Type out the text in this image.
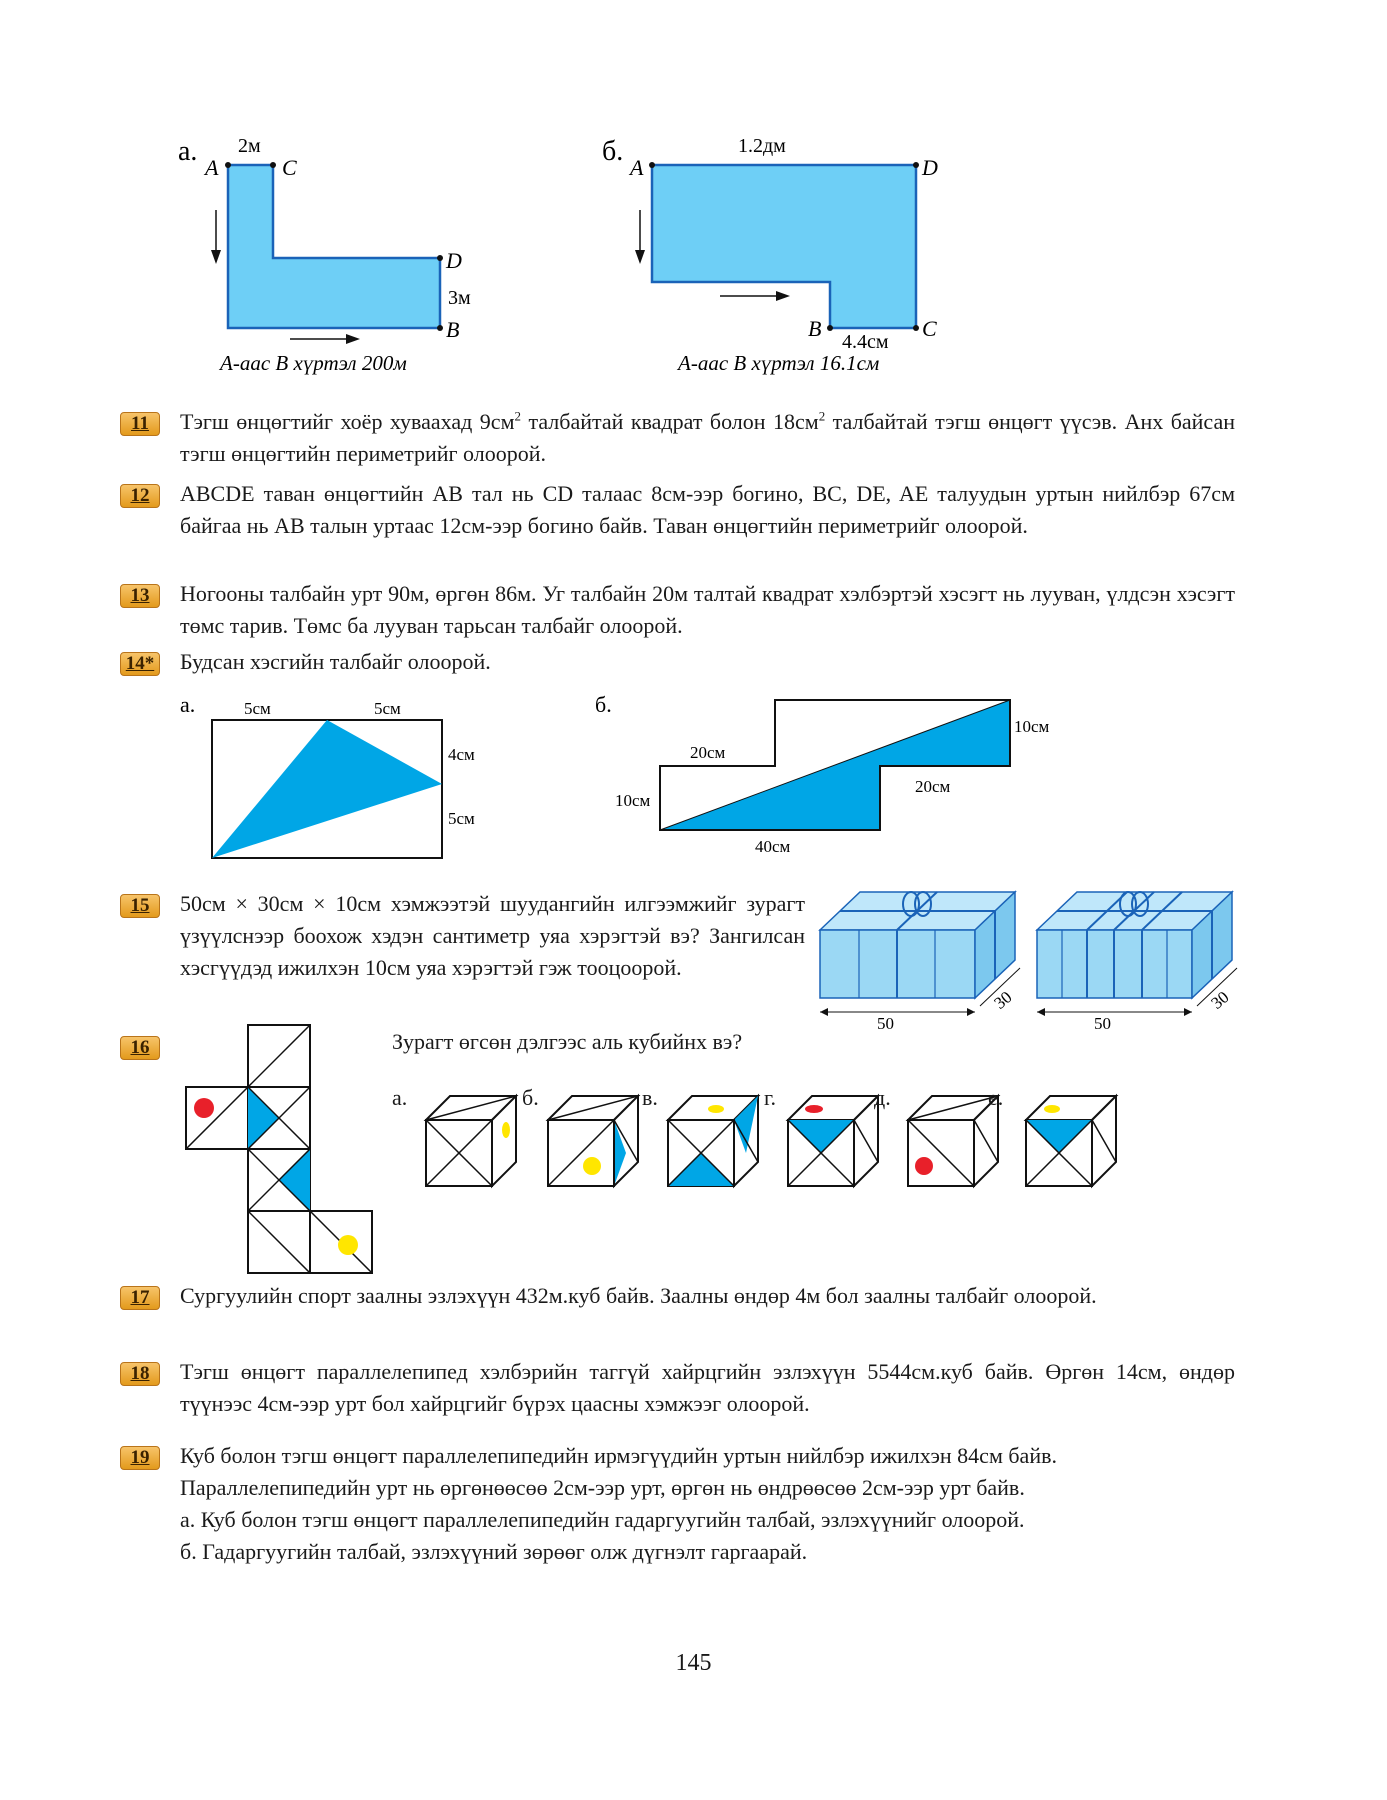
а. 2м
A	C
D
B
3м
A-аас B хүртэл 200м
б.	1.2дм
A	D
B	C
4.4см
A-аас B хүртэл 16.1см
11	Тэгш өнцөгтийг хоёр хуваахад $9см^2$ талбайтай квадрат болон $18см^2$ талбайтай тэгш өнцөгт үүсэв. Анх байсан тэгш өнцөгтийн периметрийг олоорой.

12	ABCDE таван өнцөгтийн AB тал нь CD талаас 8см-ээр богино, BC, DE, AE талуудын уртын нийлбэр 67см байгаа нь AB талын уртаас 12см-ээр богино байв. Таван өнцөгтийн периметрийг олоорой.
13	Ногооны талбайн урт 90м, өргөн 86м. Уг талбайн 20м талтай квадрат хэлбэртэй хэсэгт нь лууван, үлдсэн хэсэгт төмс тарив. Төмс ба лууван тарьсан талбайг олоорой.
14* Будсан хэсгийн талбайг олоорой.
а.	5см	5см
4см
5см
б.
20см
10см
20см
10см
40см
15	50см × 30см × 10см хэмжээтэй шуудангийн илгээмжийг зурагт үзүүлснээр боохож хэдэн сантиметр уяа хэрэгтэй вэ? Зангилсан хэсгүүдэд ижилхэн 10см уяа хэрэгтэй гэж тооцоорой.
50
30
50
30
16	Зурагт өгсөн дэлгээс аль кубийнх вэ?
а.	б.	в.	г.	д.	е.
17	Сургуулийн спорт заалны эзлэхүүн 432м.куб байв. Заалны өндөр 4м бол заалны талбайг олоорой.
18	Тэгш өнцөгт параллелепипед хэлбэрийн таггүй хайрцгийн эзлэхүүн 5544см.куб байв. Өргөн 14см, өндөр түүнээс 4см-ээр урт бол хайрцгийг бүрэх цаасны хэмжээг олоорой.
19	Куб болон тэгш өнцөгт параллелепипедийн ирмэгүүдийн уртын нийлбэр ижилхэн 84см байв.

Параллелепипедийн урт нь өргөнөөсөө 2см-ээр урт, өргөн нь өндрөөсөө 2см-ээр урт байв.

а. Куб болон тэгш өнцөгт параллелепипедийн гадаргуугийн талбай, эзлэхүүнийг олоорой.

б. Гадаргуугийн талбай, эзлэхүүний зөрөөг олж дүгнэлт гаргаарай.

145
